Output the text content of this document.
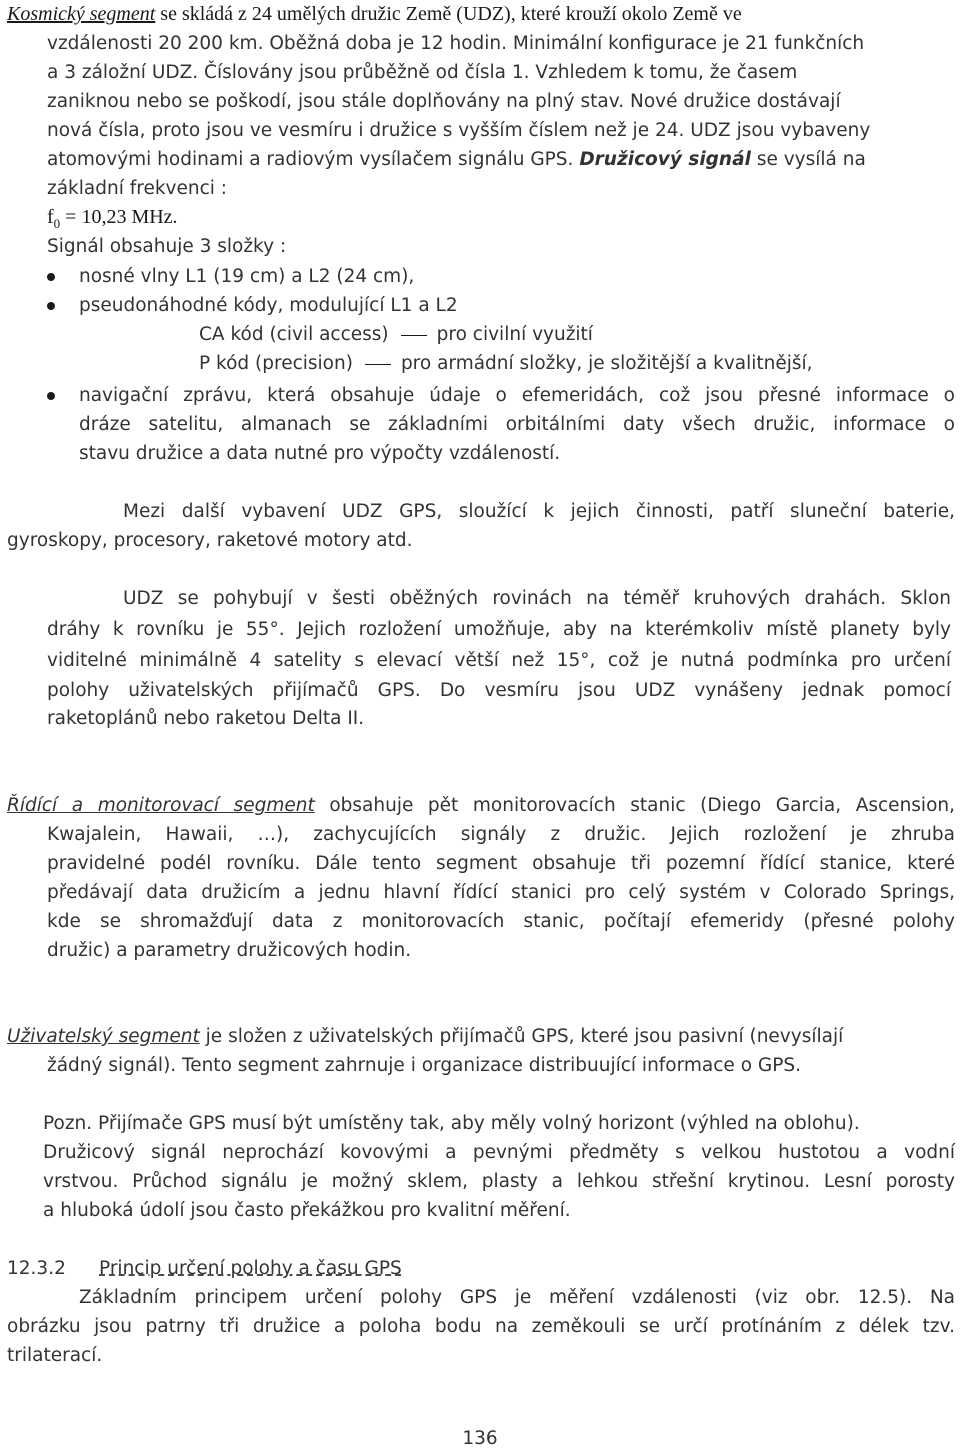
Kosmický segment se skládá z 24 umělých družic Země (UDZ), které krouží okolo Země ve
vzdálenosti 20 200 km. Oběžná doba je 12 hodin. Minimální konfigurace je 21 funkčních
a 3 záložní UDZ. Číslovány jsou průběžně od čísla 1. Vzhledem k tomu, že časem
zaniknou nebo se poškodí, jsou stále doplňovány na plný stav. Nové družice dostávají
nová čísla, proto jsou ve vesmíru i družice s vyšším číslem než je 24. UDZ jsou vybaveny
atomovými hodinami a radiovým vysílačem signálu GPS. Družicový signál se vysílá na
základní frekvenci :
$f_0 = 10,23$ MHz.
Signál obsahuje 3 složky :
nosné vlny L1 (19 cm) a L2 (24 cm),
pseudonáhodné kódy, modulující L1 a L2
CA kód (civil access)	pro civilní využití
P kód (precision)	pro armádní složky, je složitější a kvalitnější,
navigační zprávu, která obsahuje údaje o efemeridách, což jsou přesné informace o
dráze satelitu, almanach se základními orbitálními daty všech družic, informace o
stavu družice a data nutné pro výpočty vzdáleností.
Mezi další vybavení UDZ GPS, sloužící k jejich činnosti, patří sluneční baterie,
gyroskopy, procesory, raketové motory atd.
UDZ se pohybují v šesti oběžných rovinách na téměř kruhových drahách. Sklon
dráhy k rovníku je 55°. Jejich rozložení umožňuje, aby na kterémkoliv místě planety byly
viditelné minimálně 4 satelity s elevací větší než 15°, což je nutná podmínka pro určení
polohy uživatelských přijímačů GPS. Do vesmíru jsou UDZ vynášeny jednak pomocí
raketoplánů nebo raketou Delta II.
Řídící a monitorovací segment obsahuje pět monitorovacích stanic (Diego Garcia, Ascension,
Kwajalein, Hawaii, …), zachycujících signály z družic. Jejich rozložení je zhruba
pravidelné podél rovníku. Dále tento segment obsahuje tři pozemní řídící stanice, které
předávají data družicím a jednu hlavní řídící stanici pro celý systém v Colorado Springs,
kde se shromažďují data z monitorovacích stanic, počítají efemeridy (přesné polohy
družic) a parametry družicových hodin.
Uživatelský segment je složen z uživatelských přijímačů GPS, které jsou pasivní (nevysílají
žádný signál). Tento segment zahrnuje i organizace distribuující informace o GPS.
Pozn. Přijímače GPS musí být umístěny tak, aby měly volný horizont (výhled na oblohu).
Družicový signál neprochází kovovými a pevnými předměty s velkou hustotou a vodní
vrstvou. Průchod signálu je možný sklem, plasty a lehkou střešní krytinou. Lesní porosty
a hluboká údolí jsou často překážkou pro kvalitní měření.
12.3.2 Princip určení polohy a času GPS
Základním principem určení polohy GPS je měření vzdálenosti (viz obr. 12.5). Na
obrázku jsou patrny tři družice a poloha bodu na zeměkouli se určí protínáním z délek tzv.
trilaterací.
136
